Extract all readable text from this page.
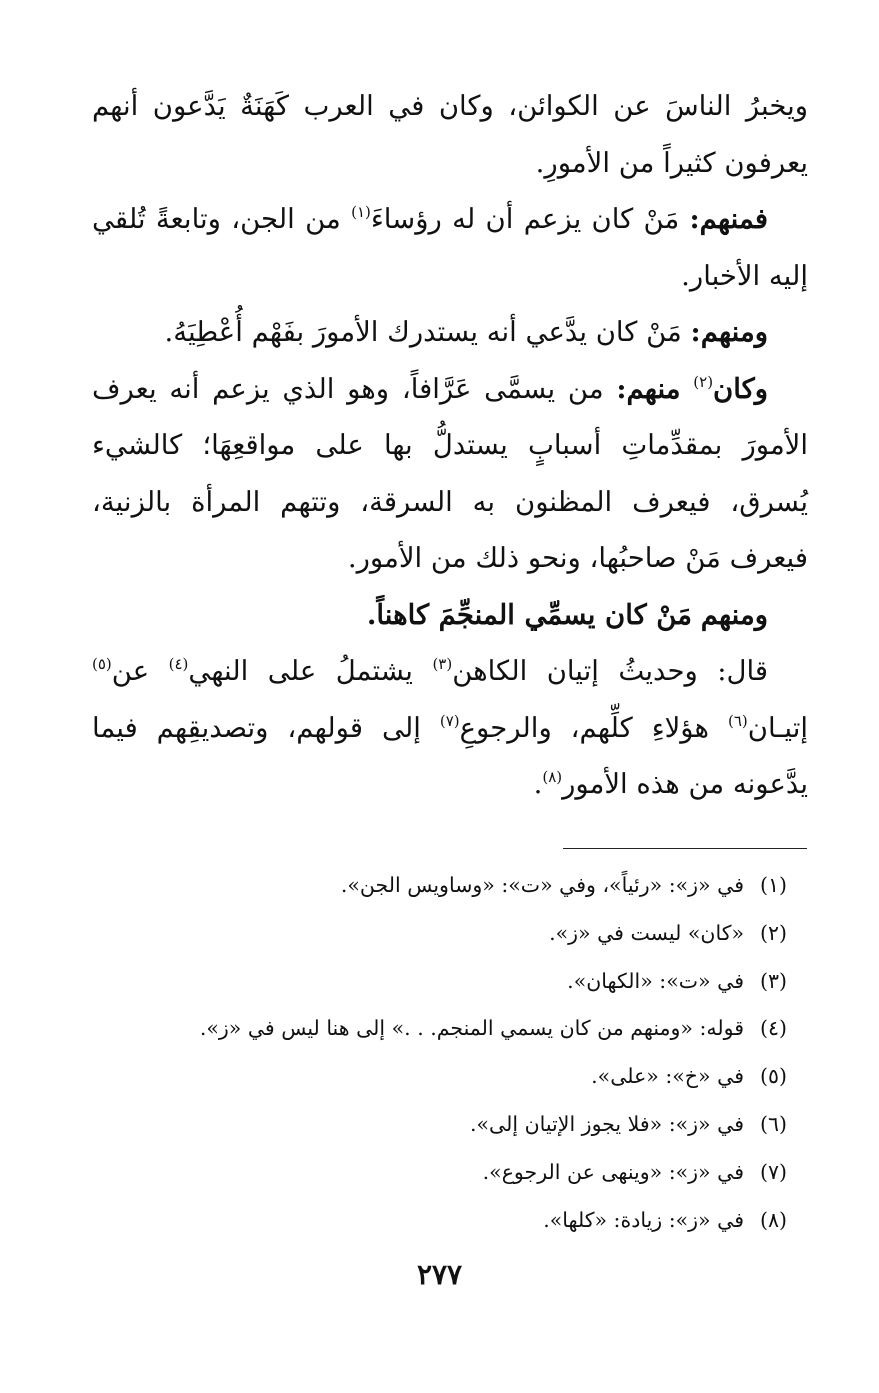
ويخبرُ الناسَ عن الكوائن، وكان في العرب كَهَنَةٌ يَدَّعون أنهم يعرفون كثيراً من الأمورِ.

فمنهم: مَنْ كان يزعم أن له رؤساءَ$^{(١)}$ من الجن، وتابعةً تُلقي إليه الأخبار.

ومنهم: مَنْ كان يدَّعي أنه يستدرك الأمورَ بفَهْم أُعْطِيَهُ.

وكان$^{(٢)}$ منهم: من يسمَّى عَرَّافاً، وهو الذي يزعم أنه يعرف الأمورَ بمقدِّماتِ أسبابٍ يستدلُّ بها على مواقعِهَا؛ كالشيء يُسرق، فيعرف المظنون به السرقة، وتتهم المرأة بالزنية، فيعرف مَنْ صاحبُها، ونحو ذلك من الأمور.

ومنهم مَنْ كان يسمِّي المنجِّمَ كاهناً.

قال: وحديثُ إتيان الكاهن$^{(٣)}$ يشتملُ على النهي$^{(٤)}$ عن$^{(٥)}$ إتيـان$^{(٦)}$ هؤلاءِ كلِّهم، والرجوعِ$^{(٧)}$ إلى قولهم، وتصديقِهم فيما يدَّعونه من هذه الأمور$^{(٨)}$.

(١)
في «ز»: «رئياً»، وفي «ت»: «وساويس الجن».
(٢)
«كان» ليست في «ز».
(٣)
في «ت»: «الكهان».
(٤)
قوله: «ومنهم من كان يسمي المنجم. . .» إلى هنا ليس في «ز».
(٥)
في «خ»: «على».
(٦)
في «ز»: «فلا يجوز الإتيان إلى».
(٧)
في «ز»: «وينهى عن الرجوع».
(٨)
في «ز»: زيادة: «كلها».
٢٧٧
